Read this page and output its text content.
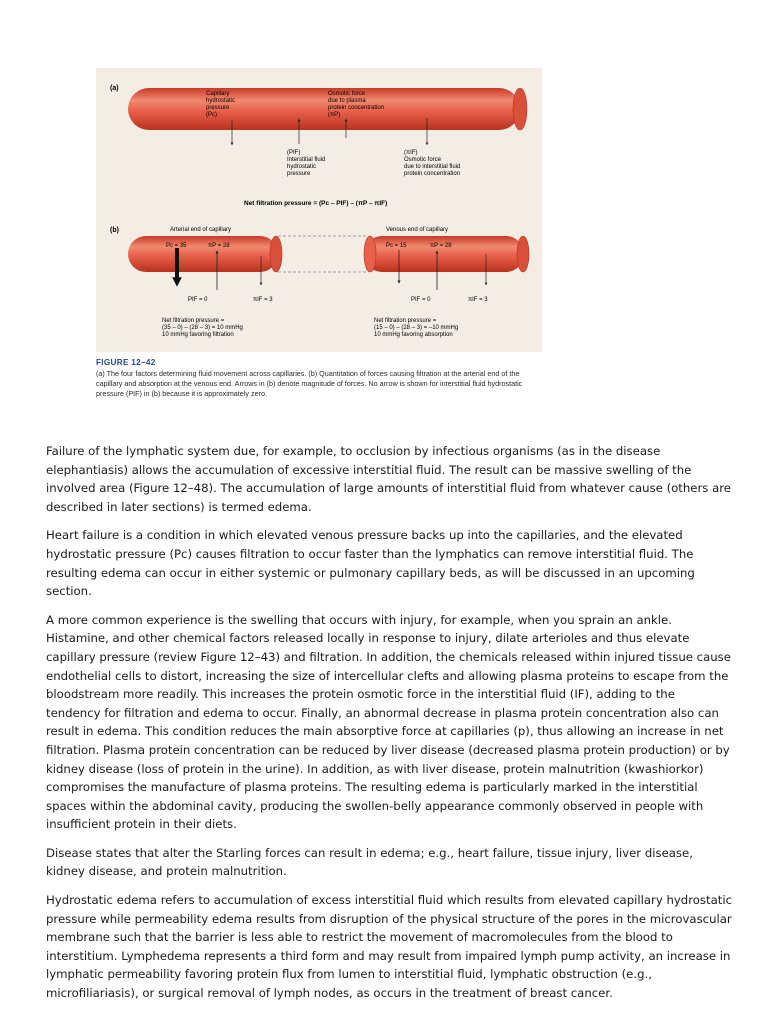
(a)
Capillary
hydrostatic
pressure
(Pc)
Osmotic force
due to plasma
protein concentration
(πP)
(PIF)
Interstitial fluid
hydrostatic
pressure
(πIF)
Osmotic force
due to interstitial fluid
protein concentration
Net filtration pressure = (Pc – PIF) – (πP – πIF)
(b)	Arterial end of capillary	Venous end of capillary
Pc = 35	πP = 28
PIF = 0	πIF = 3
Pc = 15	πP = 28
PIF = 0	πIF = 3
Net filtration pressure =
(35 – 0) – (28 – 3) = 10 mmHg
10 mmHg favoring filtration
Net filtration pressure =
(15 – 0) – (28 – 3) = –10 mmHg
10 mmHg favoring absorption
FIGURE 12–42
(a) The four factors determining fluid movement across capillaries. (b) Quantitation of forces causing filtration at the arterial end of the capillary and absorption at the venous end. Arrows in (b) denote magnitude of forces. No arrow is shown for interstitial fluid hydrostatic pressure (PIF) in (b) because it is approximately zero.

Failure of the lymphatic system due, for example, to occlusion by infectious organisms (as in the disease elephantiasis) allows the accumulation of excessive interstitial fluid. The result can be massive swelling of the involved area (Figure 12–48). The accumulation of large amounts of interstitial fluid from whatever cause (others are described in later sections) is termed edema.

Heart failure is a condition in which elevated venous pressure backs up into the capillaries, and the elevated hydrostatic pressure (Pc) causes filtration to occur faster than the lymphatics can remove interstitial fluid. The resulting edema can occur in either systemic or pulmonary capillary beds, as will be discussed in an upcoming section.

A more common experience is the swelling that occurs with injury, for example, when you sprain an ankle. Histamine, and other chemical factors released locally in response to injury, dilate arterioles and thus elevate capillary pressure (review Figure 12–43) and filtration. In addition, the chemicals released within injured tissue cause endothelial cells to distort, increasing the size of intercellular clefts and allowing plasma proteins to escape from the bloodstream more readily. This increases the protein osmotic force in the interstitial fluid (IF), adding to the tendency for filtration and edema to occur. Finally, an abnormal decrease in plasma protein concentration also can result in edema. This condition reduces the main absorptive force at capillaries (p), thus allowing an increase in net filtration. Plasma protein concentration can be reduced by liver disease (decreased plasma protein production) or by kidney disease (loss of protein in the urine). In addition, as with liver disease, protein malnutrition (kwashiorkor) compromises the manufacture of plasma proteins. The resulting edema is particularly marked in the interstitial spaces within the abdominal cavity, producing the swollen-belly appearance commonly observed in people with insufficient protein in their diets.

Disease states that alter the Starling forces can result in edema; e.g., heart failure, tissue injury, liver disease, kidney disease, and protein malnutrition.

Hydrostatic edema refers to accumulation of excess interstitial fluid which results from elevated capillary hydrostatic pressure while permeability edema results from disruption of the physical structure of the pores in the microvascular membrane such that the barrier is less able to restrict the movement of macromolecules from the blood to interstitium. Lymphedema represents a third form and may result from impaired lymph pump activity, an increase in lymphatic permeability favoring protein flux from lumen to interstitial fluid, lymphatic obstruction (e.g., microfiliariasis), or surgical removal of lymph nodes, as occurs in the treatment of breast cancer.
